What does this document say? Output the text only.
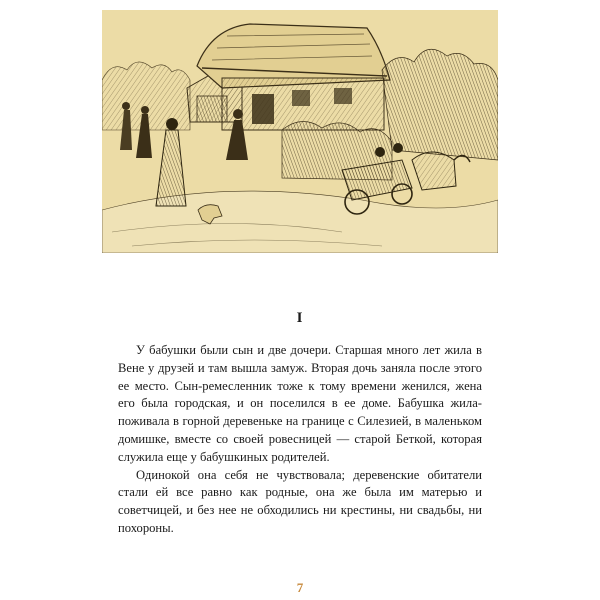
I

У бабушки были сын и две дочери. Старшая много лет жила в Вене у друзей и там вышла замуж. Вторая дочь заняла после этого ее место. Сын-ремесленник тоже к тому времени женился, жена его была городская, и он поселился в ее доме. Бабушка жила-поживала в горной деревеньке на границе с Силезией, в маленьком домишке, вместе со своей ровесницей — старой Беткой, которая служила еще у бабушкиных родителей.

Одинокой она себя не чувствовала; деревенские обитатели стали ей все равно как родные, она же была им матерью и советчицей, и без нее не обходились ни крестины, ни свадьбы, ни похороны.

7
